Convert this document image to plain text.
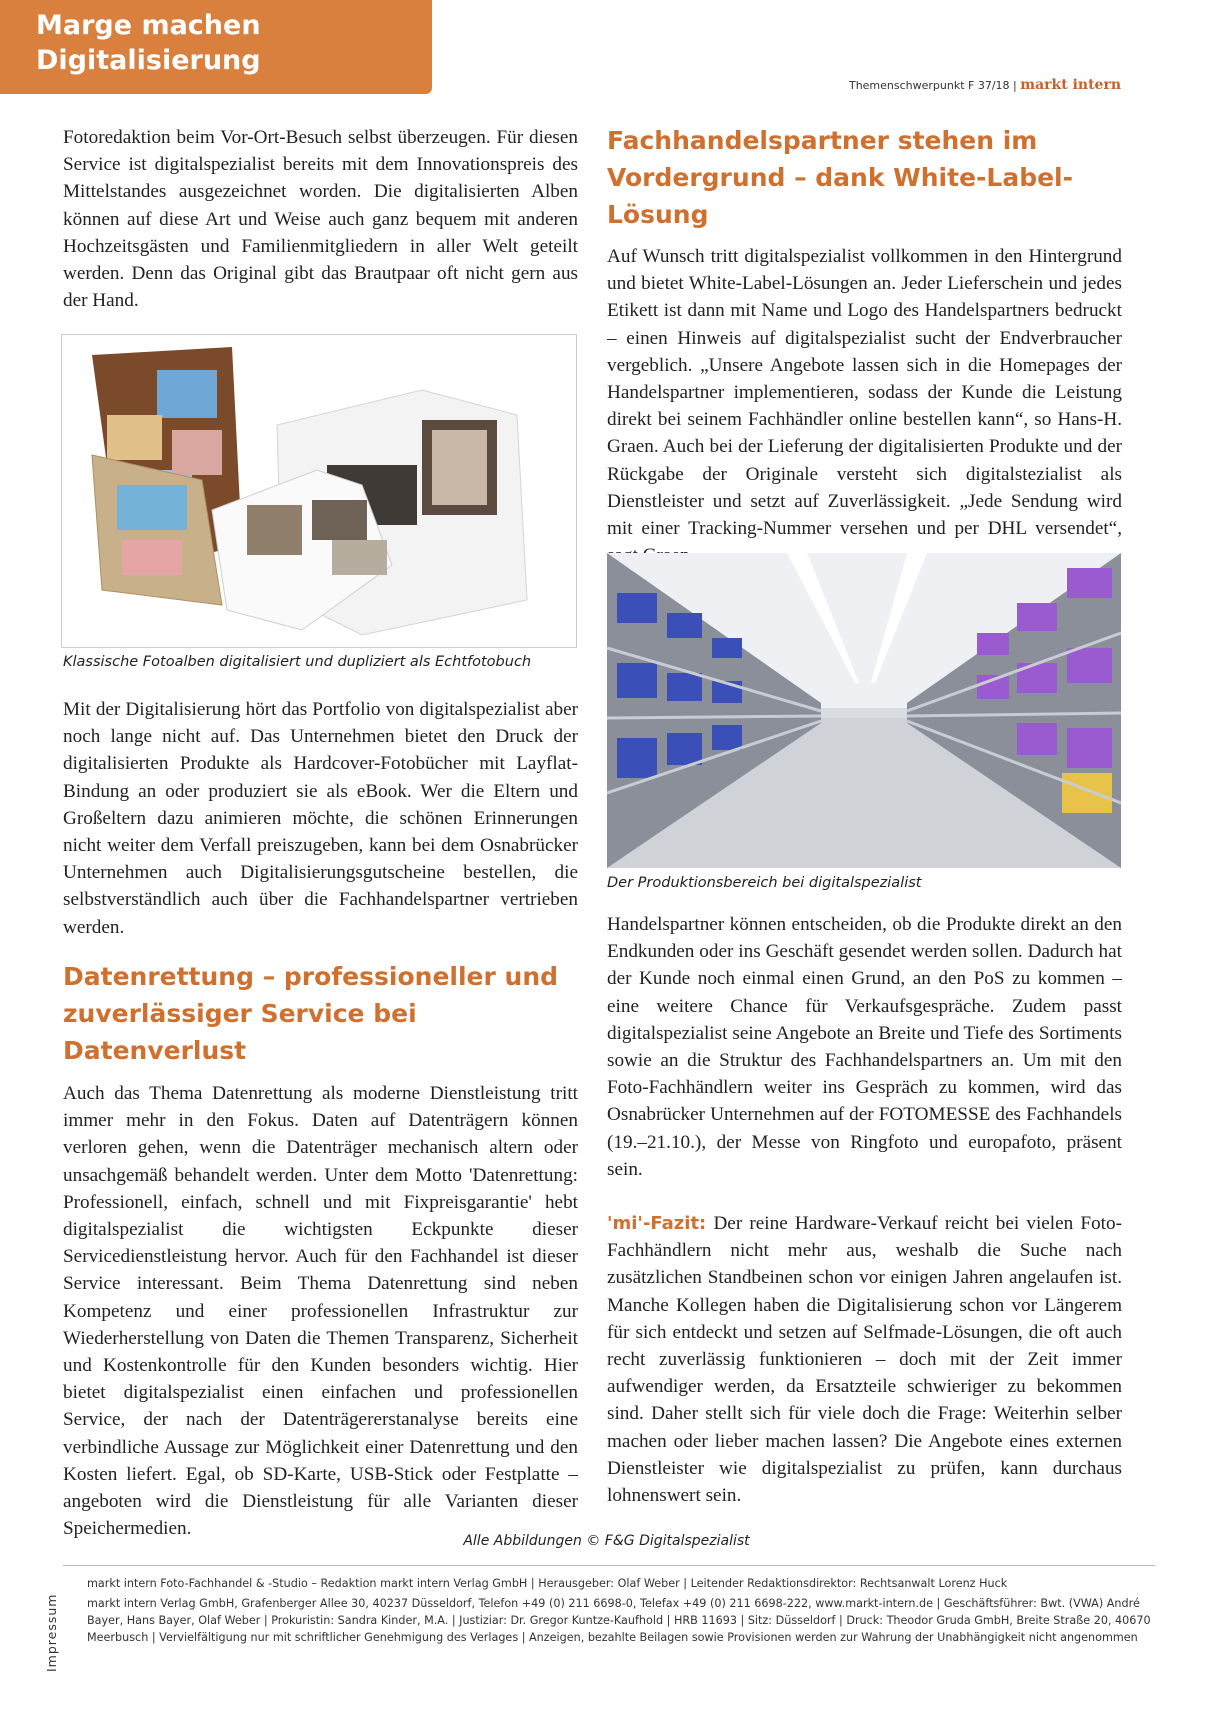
Marge machen
Digitalisierung
Themenschwerpunkt F 37/18 | markt intern

Fotoredaktion beim Vor-Ort-Besuch selbst überzeugen. Für diesen Service ist digitalspezialist bereits mit dem Innovationspreis des Mittelstandes ausgezeichnet worden. Die digitalisierten Alben können auf diese Art und Weise auch ganz bequem mit anderen Hochzeitsgästen und Familienmitgliedern in aller Welt geteilt werden. Denn das Original gibt das Brautpaar oft nicht gern aus der Hand.

Klassische Fotoalben digitalisiert und dupliziert als Echtfotobuch

Mit der Digitalisierung hört das Portfolio von digitalspezialist aber noch lange nicht auf. Das Unternehmen bietet den Druck der digitalisierten Produkte als Hardcover-Fotobücher mit Layflat-Bindung an oder produziert sie als eBook. Wer die Eltern und Großeltern dazu animieren möchte, die schönen Erinnerungen nicht weiter dem Verfall preiszugeben, kann bei dem Osnabrücker Unternehmen auch Digitalisierungsgutscheine bestellen, die selbstverständlich auch über die Fachhandelspartner vertrieben werden.

Datenrettung – professioneller und zuverlässiger Service bei Datenverlust

Auch das Thema Datenrettung als moderne Dienstleistung tritt immer mehr in den Fokus. Daten auf Datenträgern können verloren gehen, wenn die Datenträger mechanisch altern oder unsachgemäß behandelt werden. Unter dem Motto 'Datenrettung: Professionell, einfach, schnell und mit Fixpreisgarantie' hebt digitalspezialist die wichtigsten Eckpunkte dieser Servicedienstleistung hervor. Auch für den Fachhandel ist dieser Service interessant. Beim Thema Datenrettung sind neben Kompetenz und einer professionellen Infrastruktur zur Wiederherstellung von Daten die Themen Transparenz, Sicherheit und Kostenkontrolle für den Kunden besonders wichtig. Hier bietet digitalspezialist einen einfachen und professionellen Service, der nach der Datenträgererstanalyse bereits eine verbindliche Aussage zur Möglichkeit einer Datenrettung und den Kosten liefert. Egal, ob SD-Karte, USB-Stick oder Festplatte – angeboten wird die Dienstleistung für alle Varianten dieser Speichermedien.

Fachhandelspartner stehen im Vordergrund – dank White-Label-Lösung

Auf Wunsch tritt digitalspezialist vollkommen in den Hintergrund und bietet White-Label-Lösungen an. Jeder Lieferschein und jedes Etikett ist dann mit Name und Logo des Handelspartners bedruckt – einen Hinweis auf digitalspezialist sucht der Endverbraucher vergeblich. „Unsere Angebote lassen sich in die Homepages der Handelspartner implementieren, sodass der Kunde die Leistung direkt bei seinem Fachhändler online bestellen kann“, so Hans-H. Graen. Auch bei der Lieferung der digitalisierten Produkte und der Rückgabe der Originale versteht sich digitalstezialist als Dienstleister und setzt auf Zuverlässigkeit. „Jede Sendung wird mit einer Tracking-Nummer versehen und per DHL versendet“,

Der Produktionsbereich bei digitalspezialist

Handelspartner können entscheiden, ob die Produkte direkt an den Endkunden oder ins Geschäft gesendet werden sollen. Dadurch hat der Kunde noch einmal einen Grund, an den PoS zu kommen – eine weitere Chance für Verkaufsgespräche. Zudem passt digitalspezialist seine Angebote an Breite und Tiefe des Sortiments sowie an die Struktur des Fachhandelspartners an. Um mit den Foto-Fachhändlern weiter ins Gespräch zu kommen, wird das Osnabrücker Unternehmen auf der FOTOMESSE des Fachhandels (19.–21.10.), der Messe von Ringfoto und europafoto, präsent sein.

'mi'-Fazit: Der reine Hardware-Verkauf reicht bei vielen Foto-Fachhändlern nicht mehr aus, weshalb die Suche nach zusätzlichen Standbeinen schon vor einigen Jahren angelaufen ist. Manche Kollegen haben die Digitalisierung schon vor Längerem für sich entdeckt und setzen auf Selfmade-Lösungen, die oft auch recht zuverlässig funktionieren – doch mit der Zeit immer aufwendiger werden, da Ersatzteile schwieriger zu bekommen sind. Daher stellt sich für viele doch die Frage: Weiterhin selber machen oder lieber machen lassen? Die Angebote eines externen Dienstleister wie digitalspezialist zu prüfen, kann durchaus lohnenswert sein.

Alle Abbildungen © F&G Digitalspezialist
Impressum

markt intern Foto-Fachhandel & -Studio – Redaktion markt intern Verlag GmbH | Herausgeber: Olaf Weber | Leitender Redaktionsdirektor: Rechtsanwalt Lorenz Huck

markt intern Verlag GmbH, Grafenberger Allee 30, 40237 Düsseldorf, Telefon +49 (0) 211 6698-0, Telefax +49 (0) 211 6698-222, www.markt-intern.de | Geschäftsführer: Bwt. (VWA) André Bayer, Hans Bayer, Olaf Weber | Prokuristin: Sandra Kinder, M.A. | Justiziar: Dr. Gregor Kuntze-Kaufhold | HRB 11693 | Sitz: Düsseldorf | Druck: Theodor Gruda GmbH, Breite Straße 20, 40670 Meerbusch | Vervielfältigung nur mit schriftlicher Genehmigung des Verlages | Anzeigen, bezahlte Beilagen sowie Provisionen werden zur Wahrung der Unabhängigkeit nicht angenommen
